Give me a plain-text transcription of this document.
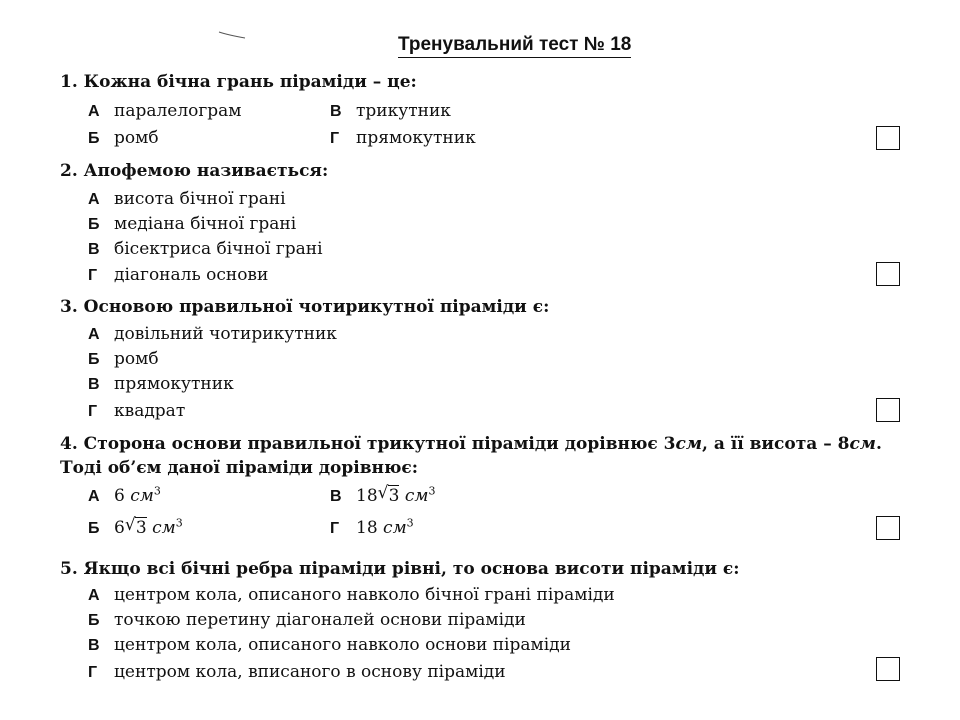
Тренувальний тест № 18
1. Кожна бічна грань піраміди – це:
А паралелограм	В трикутник
Б ромб	Г прямокутник
2. Апофемою називається:
А висота бічної грані
Б медіана бічної грані
В бісектриса бічної грані
Г діагональ основи
3. Основою правильної чотирикутної піраміди є:
А довільний чотирикутник
Б ромб
В прямокутник
Г квадрат
4. Сторона основи правильної трикутної піраміди дорівнює 3см, а її висота – 8см.
Тоді об’єм даної піраміди дорівнює:
А 6 $см^3$	В 18 √ 3 $см^3$
Б 6 √ 3 $см^3$	Г 18 $см^3$
5. Якщо всі бічні ребра піраміди рівні, то основа висоти піраміди є:
А центром кола, описаного навколо бічної грані піраміди
Б точкою перетину діагоналей основи піраміди
В центром кола, описаного навколо основи піраміди
Г центром кола, вписаного в основу піраміди
